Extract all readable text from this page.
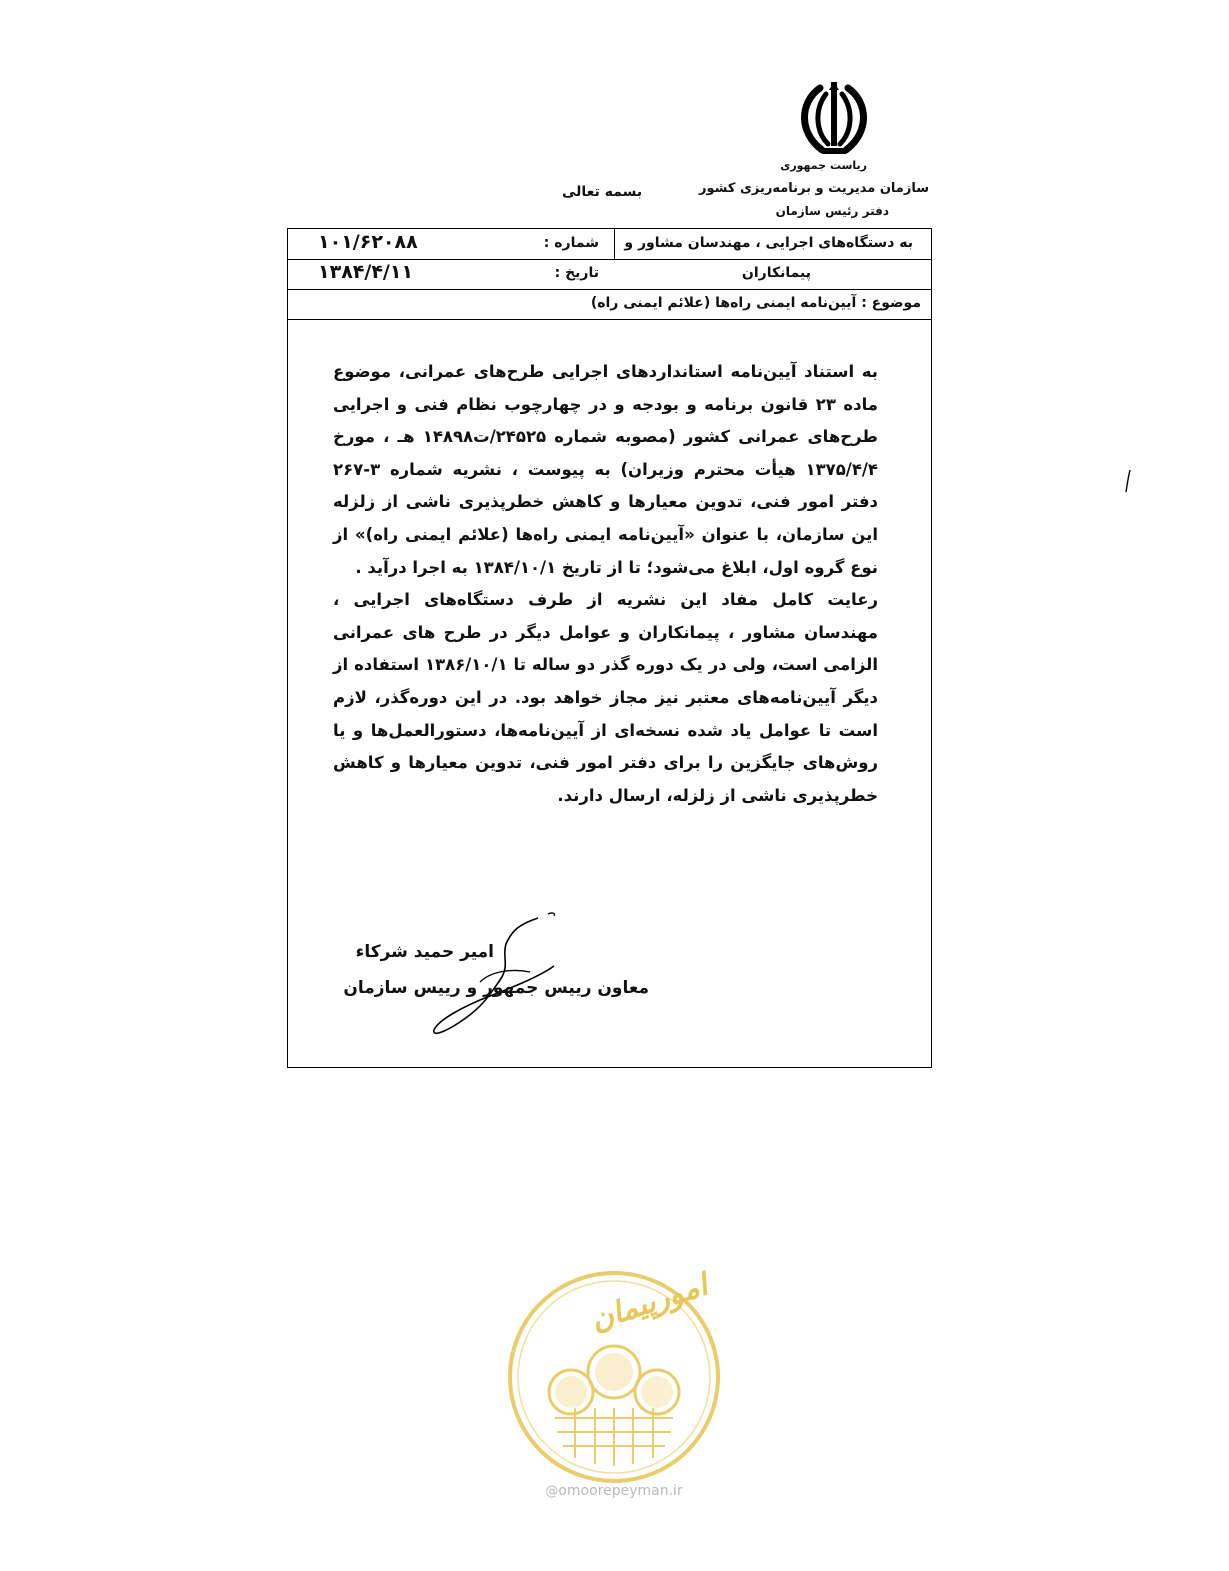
ریاست جمهوری
سازمان مدیریت و برنامه‌ریزی کشور
دفتر رئیس سازمان
بسمه تعالی
به دستگاه‌های اجرایی ، مهندسان مشاور و
پیمانکاران
شماره :
۱۰۱/۶۲۰۸۸
تاریخ :
۱۳۸۴/۴/۱۱
موضوع : آیین‌نامه ایمنی راه‌ها (علائم ایمنی راه)

به استناد آیین‌نامه استانداردهای اجرایی طرح‌های عمرانی، موضوع ماده ۲۳ قانون برنامه و بودجه و در چهارچوب نظام فنی و اجرایی طرح‌های عمرانی کشور (مصوبه شماره ۲۴۵۲۵/ت۱۴۸۹۸ هـ ، مورخ ۱۳۷۵/۴/۴ هیأت محترم وزیران) به پیوست ، نشریه شماره ۳-۲۶۷ دفتر امور فنی، تدوین معیارها و کاهش خطرپذیری ناشی از زلزله این سازمان، با عنوان «آیین‌نامه ایمنی راه‌ها (علائم ایمنی راه)» از نوع گروه اول، ابلاغ می‌شود؛ تا از تاریخ ۱۳۸۴/۱۰/۱ به اجرا درآید .

رعایت کامل مفاد این نشریه از طرف دستگاه‌های اجرایی ، مهندسان مشاور ، پیمانکاران و عوامل دیگر در طرح های عمرانی الزامی است، ولی در یک دوره گذر دو ساله تا ۱۳۸۶/۱۰/۱ استفاده از دیگر آیین‌نامه‌های معتبر نیز مجاز خواهد بود. در این دوره‌گذر، لازم است تا عوامل یاد شده نسخه‌ای از آیین‌نامه‌ها، دستورالعمل‌ها و یا روش‌های جایگزین را برای دفتر امور فنی، تدوین معیارها و کاهش خطرپذیری ناشی از زلزله، ارسال دارند.

امیر حمید شرکاء
معاون رییس جمهور و رییس سازمان
امورپیمان
@omoorepeyman.ir
